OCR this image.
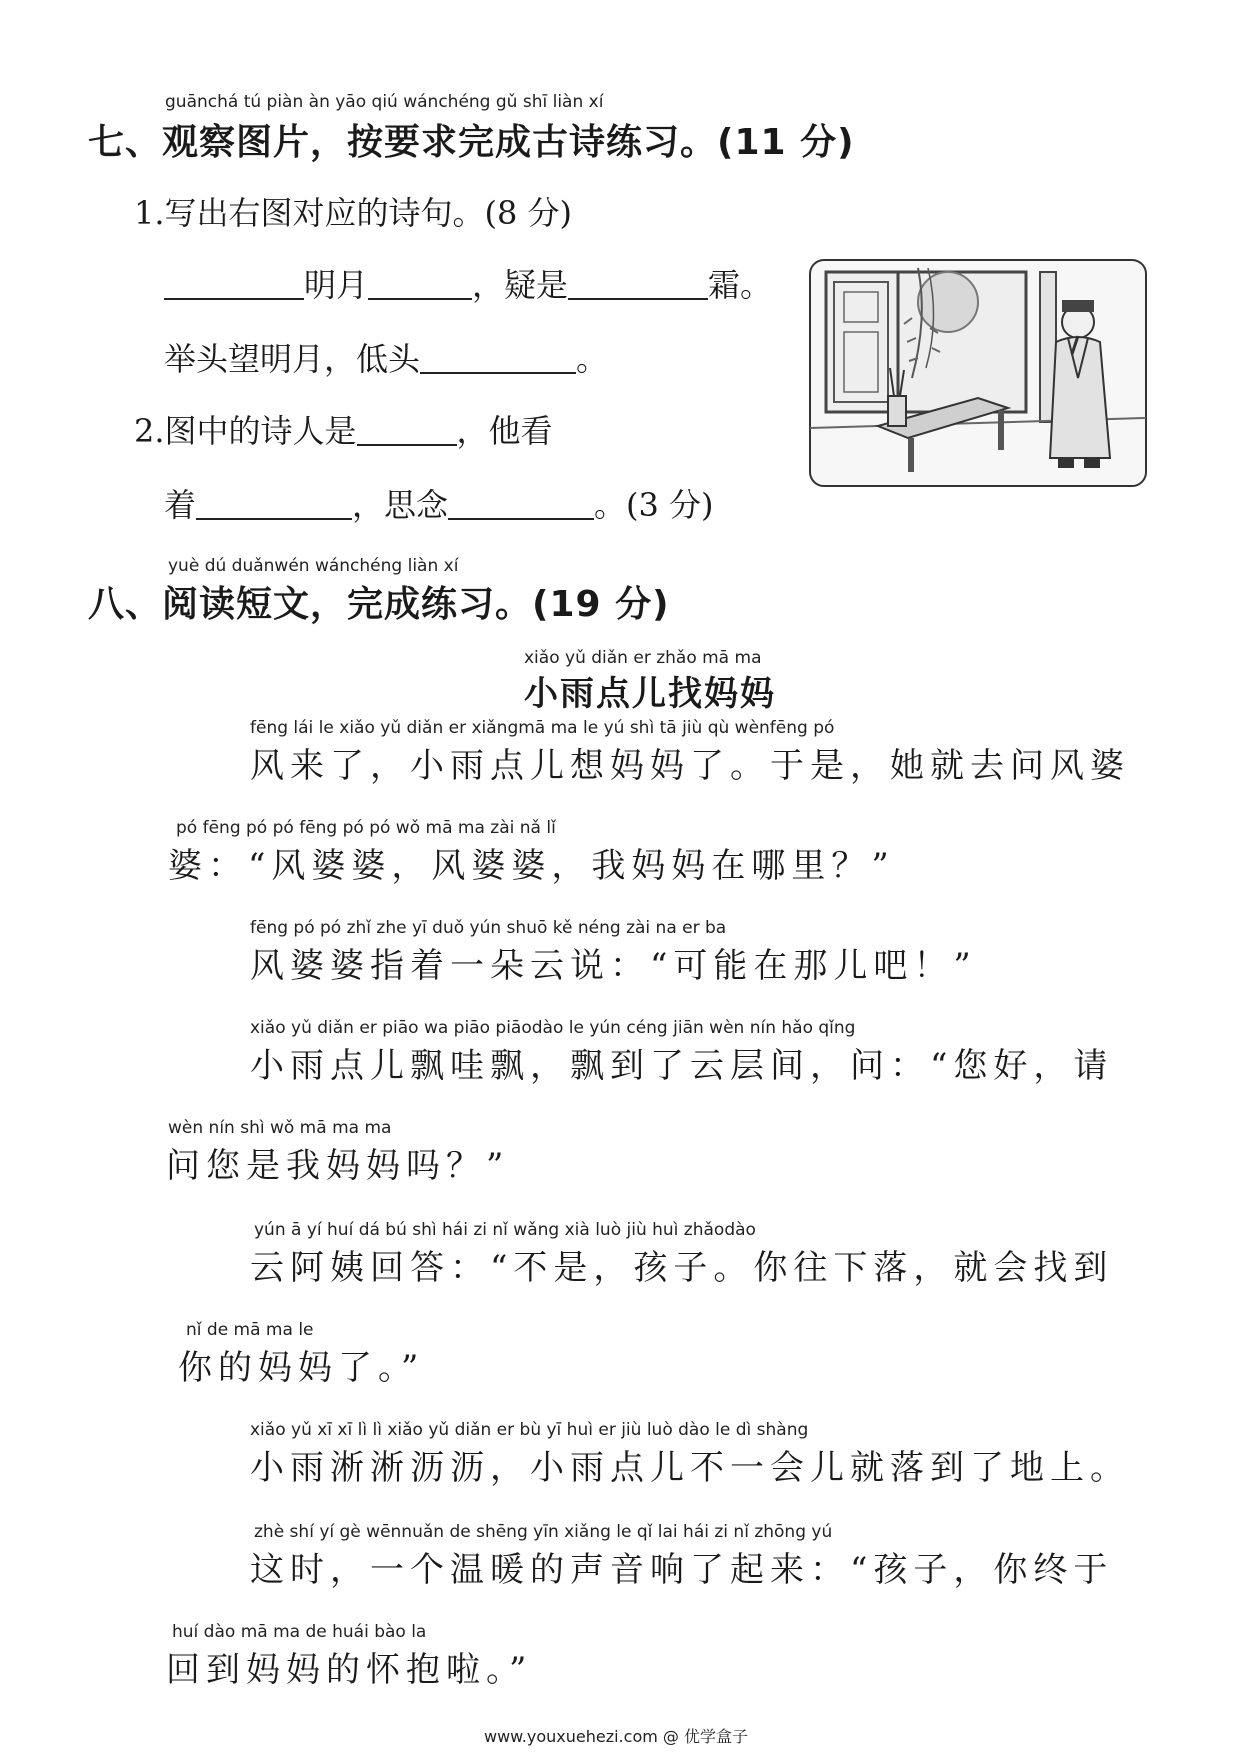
guānchá tú piàn àn yāo qiú wánchéng gǔ shī liàn xí
七、观察图片，按要求完成古诗练习。(11 分)
1.写出右图对应的诗句。(8 分)
明月	，疑是	霜。
举头望明月，低头	。
2.图中的诗人是	，他看
着	，思念	。(3 分)
yuè dú duǎnwén wánchéng liàn xí
八、阅读短文，完成练习。(19 分)
xiǎo yǔ diǎn er zhǎo mā ma
小雨点儿找妈妈
fēng lái le xiǎo yǔ diǎn er xiǎngmā ma le yú shì tā jiù qù wènfēng pó
风来了，小雨点儿想妈妈了。于是，她就去问风婆
pó fēng pó pó fēng pó pó wǒ mā ma zài nǎ lǐ
婆：“风婆婆，风婆婆，我妈妈在哪里？”
fēng pó pó zhǐ zhe yī duǒ yún shuō kě néng zài na er ba
风婆婆指着一朵云说：“可能在那儿吧！”
xiǎo yǔ diǎn er piāo wa piāo piāodào le yún céng jiān wèn nín hǎo qǐng
小雨点儿飘哇飘，飘到了云层间，问：“您好，请
wèn nín shì wǒ mā ma ma
问您是我妈妈吗？”
yún ā yí huí dá bú shì hái zi nǐ wǎng xià luò jiù huì zhǎodào
云阿姨回答：“不是，孩子。你往下落，就会找到
nǐ de mā ma le
你的妈妈了。”
xiǎo yǔ xī xī lì lì xiǎo yǔ diǎn er bù yī huì er jiù luò dào le dì shàng
小雨淅淅沥沥，小雨点儿不一会儿就落到了地上。
zhè shí yí gè wēnnuǎn de shēng yīn xiǎng le qǐ lai hái zi nǐ zhōng yú
这时，一个温暖的声音响了起来：“孩子，你终于
huí dào mā ma de huái bào la
回到妈妈的怀抱啦。”
www.youxuehezi.com @ 优学盒子
